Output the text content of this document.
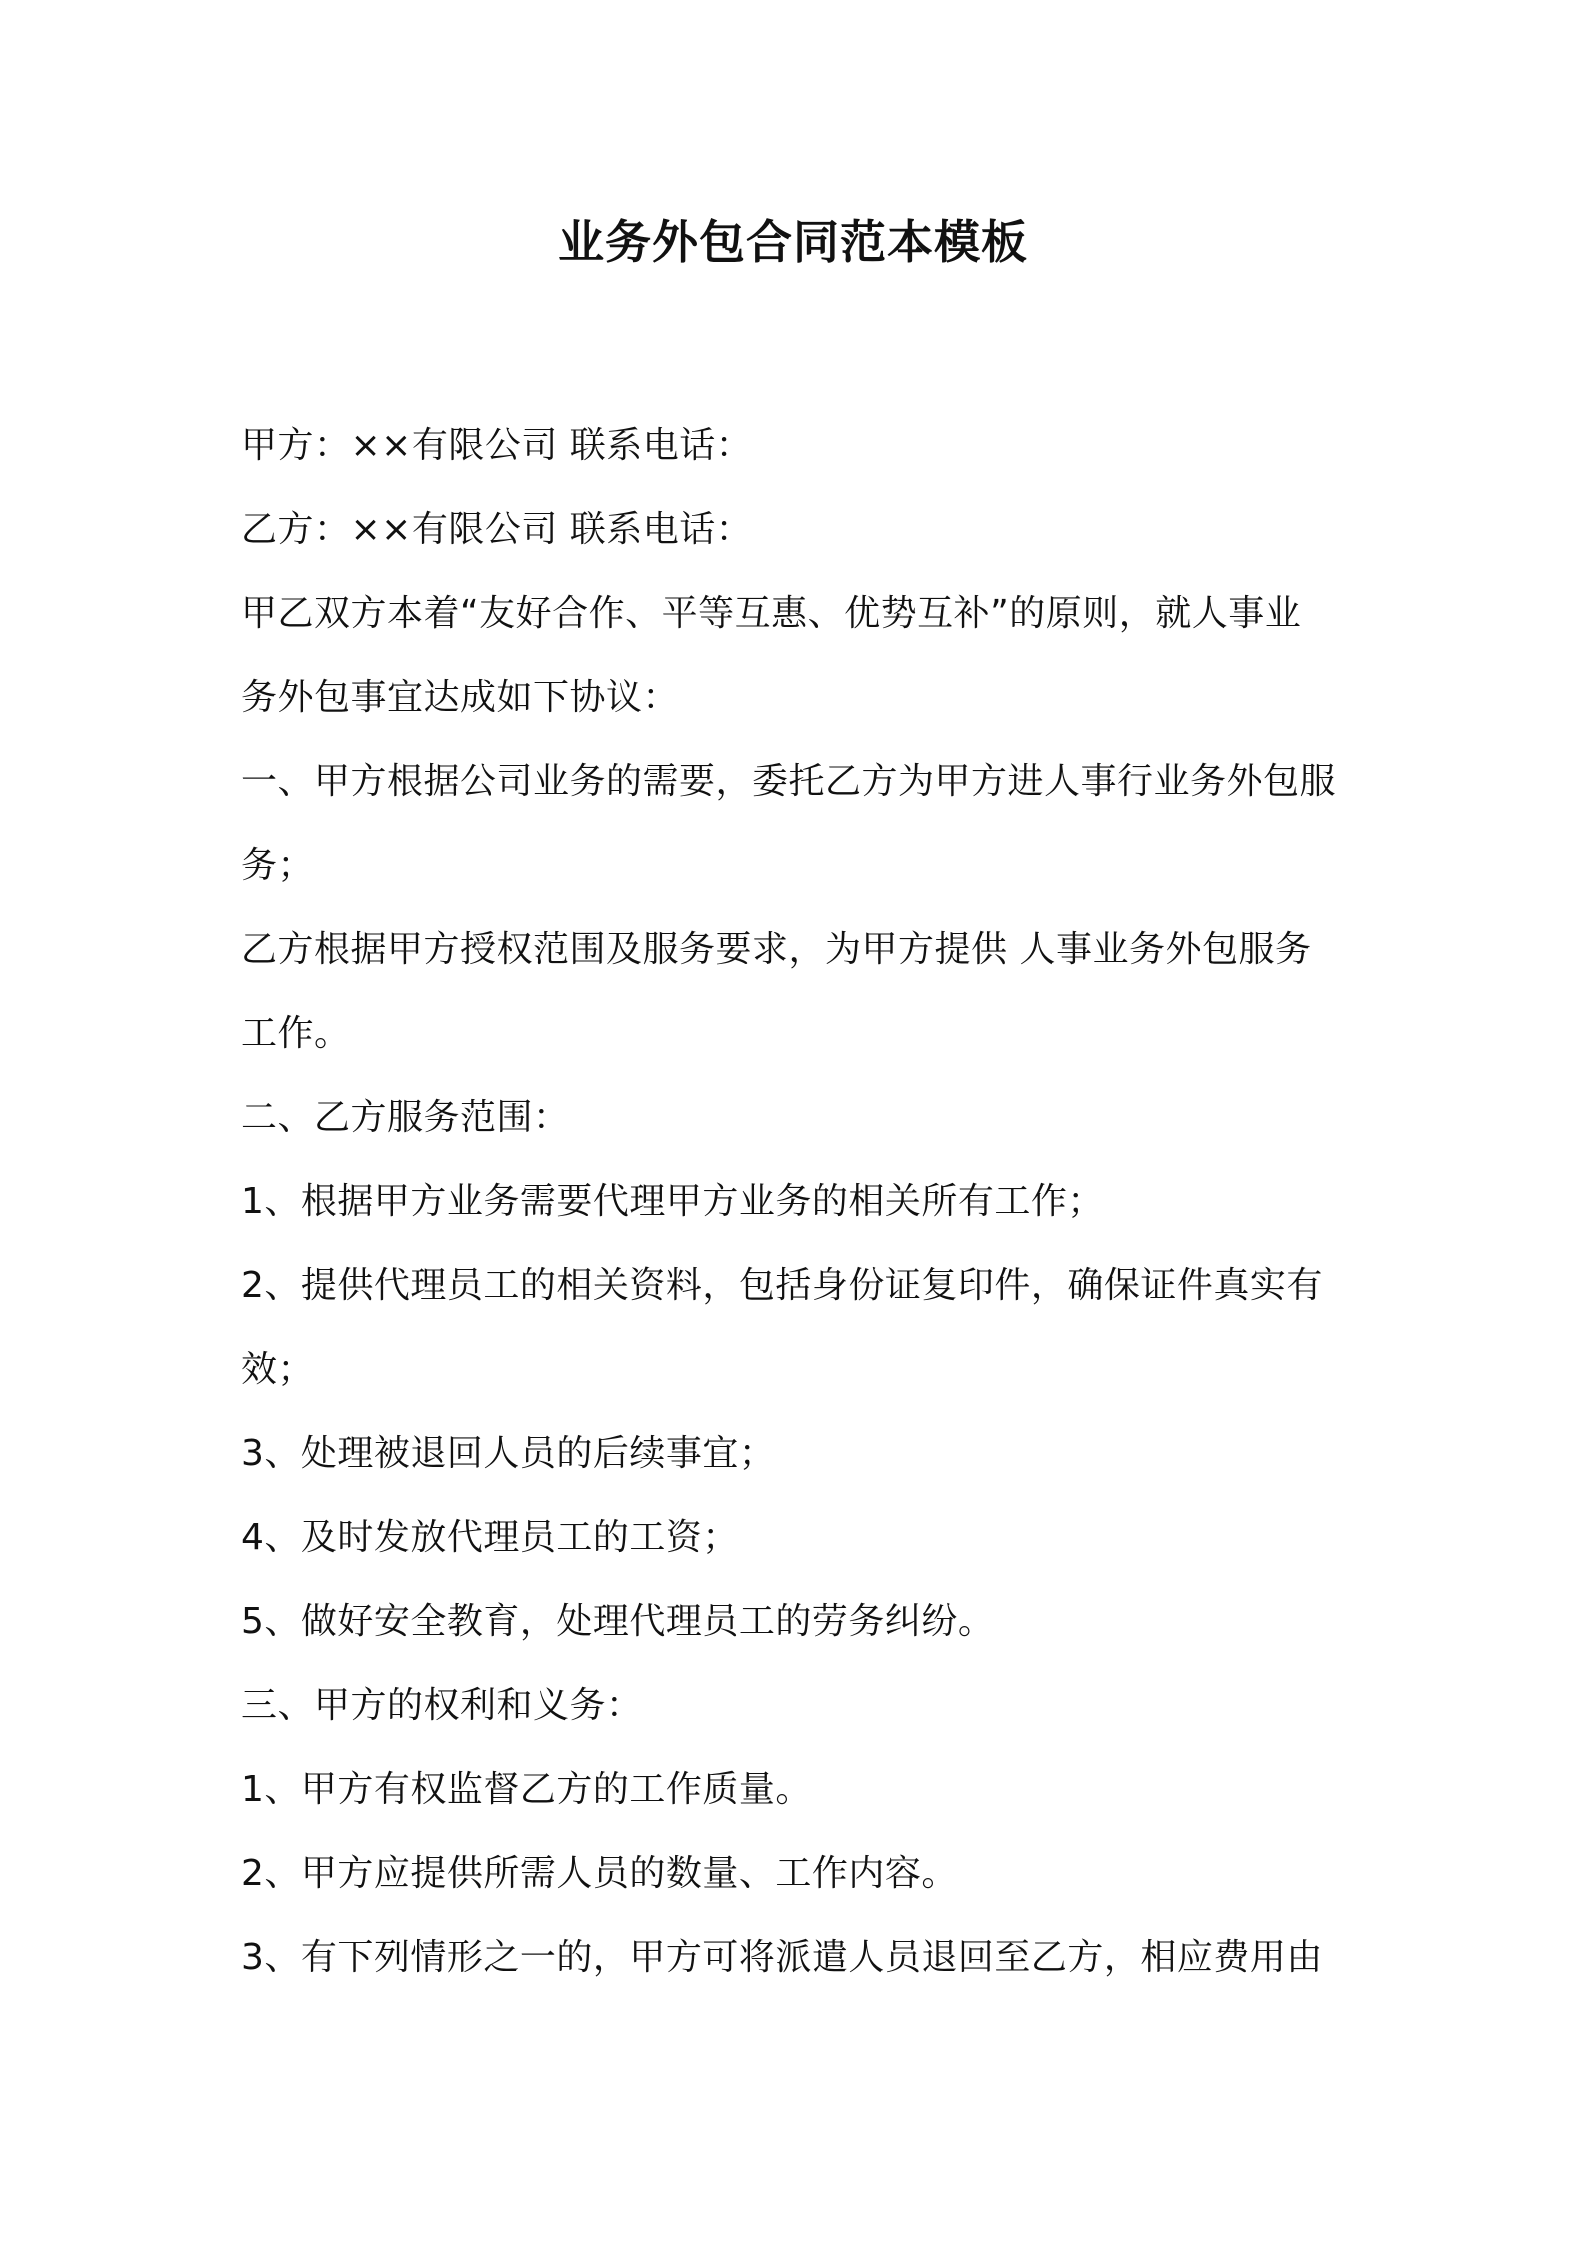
业务外包合同范本模板
甲方：××有限公司 联系电话：
乙方：××有限公司 联系电话：
甲乙双方本着“友好合作、平等互惠、优势互补”的原则，就人事业
务外包事宜达成如下协议：
一、甲方根据公司业务的需要，委托乙方为甲方进人事行业务外包服
务；
乙方根据甲方授权范围及服务要求，为甲方提供 人事业务外包服务
工作。
二、乙方服务范围：
1、根据甲方业务需要代理甲方业务的相关所有工作；
2、提供代理员工的相关资料，包括身份证复印件，确保证件真实有
效；
3、处理被退回人员的后续事宜；
4、及时发放代理员工的工资；
5、做好安全教育，处理代理员工的劳务纠纷。
三、甲方的权利和义务：
1、甲方有权监督乙方的工作质量。
2、甲方应提供所需人员的数量、工作内容。
3、有下列情形之一的，甲方可将派遣人员退回至乙方，相应费用由
